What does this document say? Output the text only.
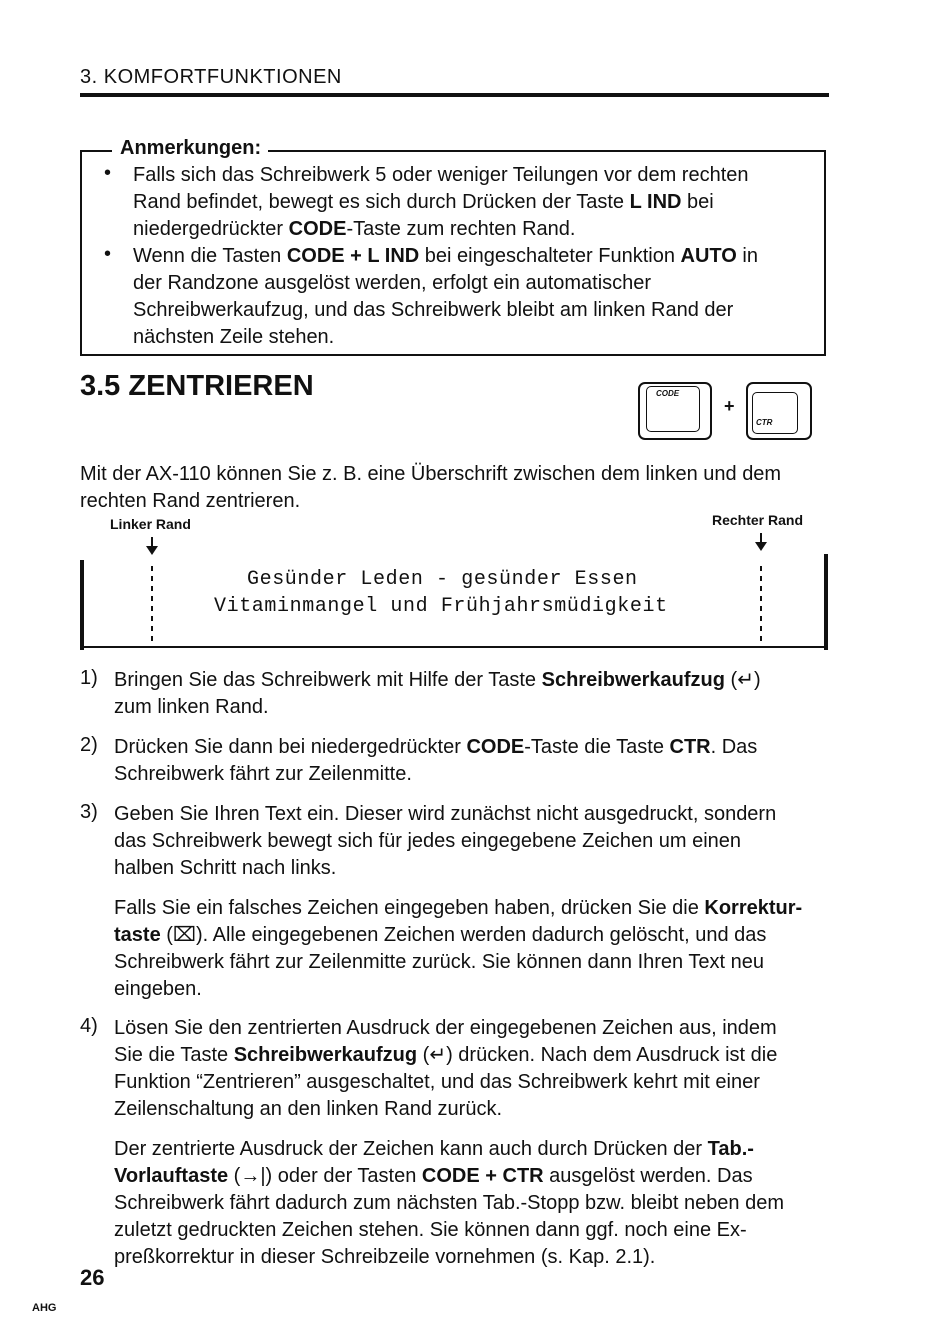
3. KOMFORTFUNKTIONEN
Anmerkungen:
• Falls sich das Schreibwerk 5 oder weniger Teilungen vor dem rechten
Rand befindet, bewegt es sich durch Drücken der Taste L IND bei
niedergedrückter CODE-Taste zum rechten Rand.
• Wenn die Tasten CODE + L IND bei eingeschalteter Funktion AUTO in
der Randzone ausgelöst werden, erfolgt ein automatischer
Schreibwerkaufzug, und das Schreibwerk bleibt am linken Rand der
nächsten Zeile stehen.
3.5 ZENTRIEREN	CODE
+
CTR
Mit der AX-110 können Sie z. B. eine Überschrift zwischen dem linken und dem
rechten Rand zentrieren.
Linker Rand	Rechter Rand
Gesünder Leden - gesünder Essen
Vitaminmangel und Frühjahrsmüdigkeit
1) Bringen Sie das Schreibwerk mit Hilfe der Taste Schreibwerkaufzug (↵)
zum linken Rand.
2) Drücken Sie dann bei niedergedrückter CODE-Taste die Taste CTR. Das
Schreibwerk fährt zur Zeilenmitte.
3) Geben Sie Ihren Text ein. Dieser wird zunächst nicht ausgedruckt, sondern
das Schreibwerk bewegt sich für jedes eingegebene Zeichen um einen
halben Schritt nach links.
Falls Sie ein falsches Zeichen eingegeben haben, drücken Sie die Korrektur-
taste (⌧). Alle eingegebenen Zeichen werden dadurch gelöscht, und das
Schreibwerk fährt zur Zeilenmitte zurück. Sie können dann Ihren Text neu
eingeben.
4) Lösen Sie den zentrierten Ausdruck der eingegebenen Zeichen aus, indem
Sie die Taste Schreibwerkaufzug (↵) drücken. Nach dem Ausdruck ist die
Funktion “Zentrieren” ausgeschaltet, und das Schreibwerk kehrt mit einer
Zeilenschaltung an den linken Rand zurück.
Der zentrierte Ausdruck der Zeichen kann auch durch Drücken der Tab.-
Vorlauftaste (→|) oder der Tasten CODE + CTR ausgelöst werden. Das
Schreibwerk fährt dadurch zum nächsten Tab.-Stopp bzw. bleibt neben dem
zuletzt gedruckten Zeichen stehen. Sie können dann ggf. noch eine Ex-
preßkorrektur in dieser Schreibzeile vornehmen (s. Kap. 2.1).
26
AHG
